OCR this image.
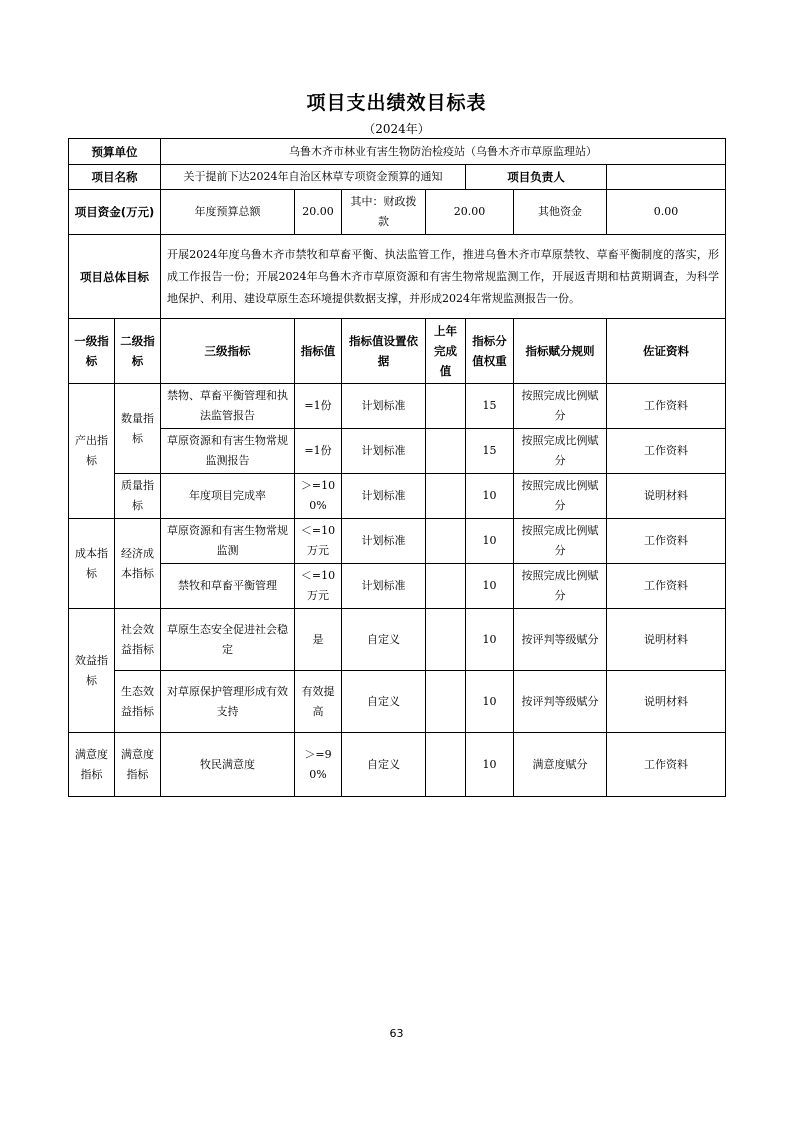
项目支出绩效目标表
（2024年）
预算单位		乌鲁木齐市林业有害生物防治检疫站（乌鲁木齐市草原监理站）						
项目名称		关于提前下达2024年自治区林草专项资金预算的通知				项目负责人		
项目资金(万元)		年度预算总额	20.00	其中：财政拨款	20.00		其他资金	0.00
项目总体目标		开展2024年度乌鲁木齐市禁牧和草畜平衡、执法监管工作，推进乌鲁木齐市草原禁牧、草畜平衡制度的落实，形成工作报告一份；开展2024年乌鲁木齐市草原资源和有害生物常规监测工作，开展返青期和枯黄期调查，为科学地保护、利用、建设草原生态环境提供数据支撑，并形成2024年常规监测报告一份。						
一级指标	二级指标	三级指标	指标值	指标值设置依据	上年完成值	指标分值权重	指标赋分规则	佐证资料
产出指标	数量指标	禁物、草畜平衡管理和执法监管报告	=1份	计划标准		15	按照完成比例赋分	工作资料
		草原资源和有害生物常规监测报告	=1份	计划标准		15	按照完成比例赋分	工作资料
	质量指标	年度项目完成率	＞=100%	计划标准		10	按照完成比例赋分	说明材料
成本指标	经济成本指标	草原资源和有害生物常规监测	＜=10万元	计划标准		10	按照完成比例赋分	工作资料
		禁牧和草畜平衡管理	＜=10万元	计划标准		10	按照完成比例赋分	工作资料
效益指标	社会效益指标	草原生态安全促进社会稳定	是	自定义		10	按评判等级赋分	说明材料
	生态效益指标	对草原保护管理形成有效支持	有效提高	自定义		10	按评判等级赋分	说明材料
满意度指标	满意度指标	牧民满意度	＞=90%	自定义		10	满意度赋分	工作资料
63
